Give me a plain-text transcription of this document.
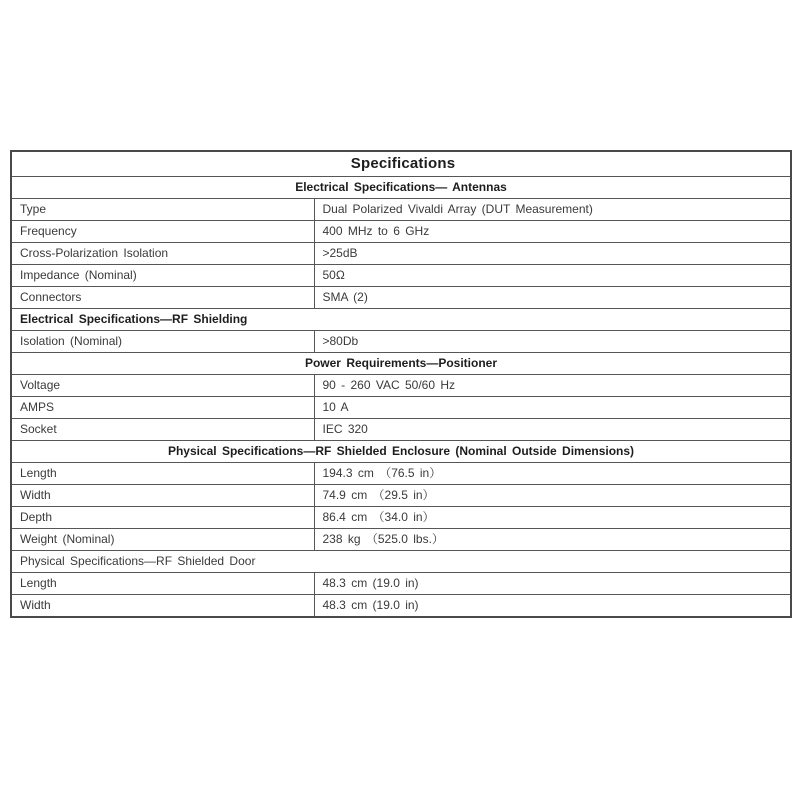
Specifications	
Electrical Specifications— Antennas	
Type	Dual Polarized Vivaldi Array (DUT Measurement)
Frequency	400 MHz to 6 GHz
Cross-Polarization Isolation	>25dB
Impedance (Nominal)	50Ω
Connectors	SMA (2)
Electrical Specifications—RF Shielding	
Isolation (Nominal)	>80Db
Power Requirements—Positioner	
Voltage	90 - 260 VAC 50/60 Hz
AMPS	10 A
Socket	IEC 320
Physical Specifications—RF Shielded Enclosure (Nominal Outside Dimensions)	
Length	194.3 cm （76.5 in）
Width	74.9 cm （29.5 in）
Depth	86.4 cm （34.0 in）
Weight (Nominal)	238 kg （525.0 lbs.）
Physical Specifications—RF Shielded Door	
Length	48.3 cm (19.0 in)
Width	48.3 cm (19.0 in)
